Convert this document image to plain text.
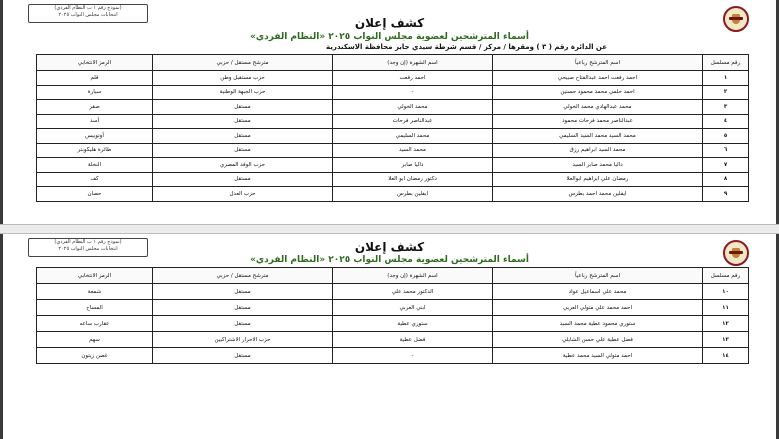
(نموذج رقم ١ ب النظام الفردي)
انتخابات مجلس النواب ٢٠٢٥
كشف إعلان
أسماء المترشحين لعضوية مجلس النواب ٢٠٢٥ «النظام الفردي»
عن الدائرة رقم ( ٣ ) ومقرها / مركز / قسم شرطة سيدي جابر محافظة الاسكندرية
رقم مسلسل	اسم المترشح رباعياً	اسم الشهرة (إن وجد)	مترشح مستقل / حزبي	الرمز الانتخابي
١	احمد رفعت احمد عبدالفتاح صبيحي	احمد رفعت	حزب مستقبل وطن	قلم
٢	احمد حلمي محمد محمود حسنين	-	حزب الجبهة الوطنية	سيارة
٣	محمد عبدالهادي محمد الخولي	محمد الخولي	مستقل	صقر
٤	عبدالناصر محمد فرحات محمود	عبدالناصر فرحات	مستقل	أسد
٥	محمد السيد محمد السيد السليمي	محمد السليمي	مستقل	أوتوبيس
٦	محمد السيد ابراهيم رزق	محمد السيد	مستقل	طائرة هليكوبتر
٧	داليا محمد صابر السيد	داليا صابر	حزب الوفد المصري	النخلة
٨	رمضان علي ابراهيم ابوالعلا	دكتور رمضان ابو العلا	مستقل	كف
٩	ايفلين محمد احمد بطرس	ايفلين بطرس	حزب العدل	حصان
(نموذج رقم ١ ب النظام الفردي)
انتخابات مجلس النواب ٢٠٢٥	كشف إعلان
أسماء المترشحين لعضوية مجلس النواب ٢٠٢٥ «النظام الفردي»
رقم مسلسل	اسم المترشح رباعياً	اسم الشهرة (إن وجد)	مترشح مستقل / حزبي	الرمز الانتخابي
١٠	محمد علي اسماعيل عواد	الدكتور محمد علي	مستقل	شمعة
١١	احمد محمد علي متولي العربي	ابني العربي	مستقل	المساح
١٢	ستوري محمود عطية محمد السيد	ستوري عطية	مستقل	عقارب ساعه
١٣	فضل عطية علي حسن الشايلي	فضل عطية	حزب الاحرار الاشتراكيين	سهم
١٤	احمد متولي السيد محمد عطية	-	مستقل	غصن زيتون
